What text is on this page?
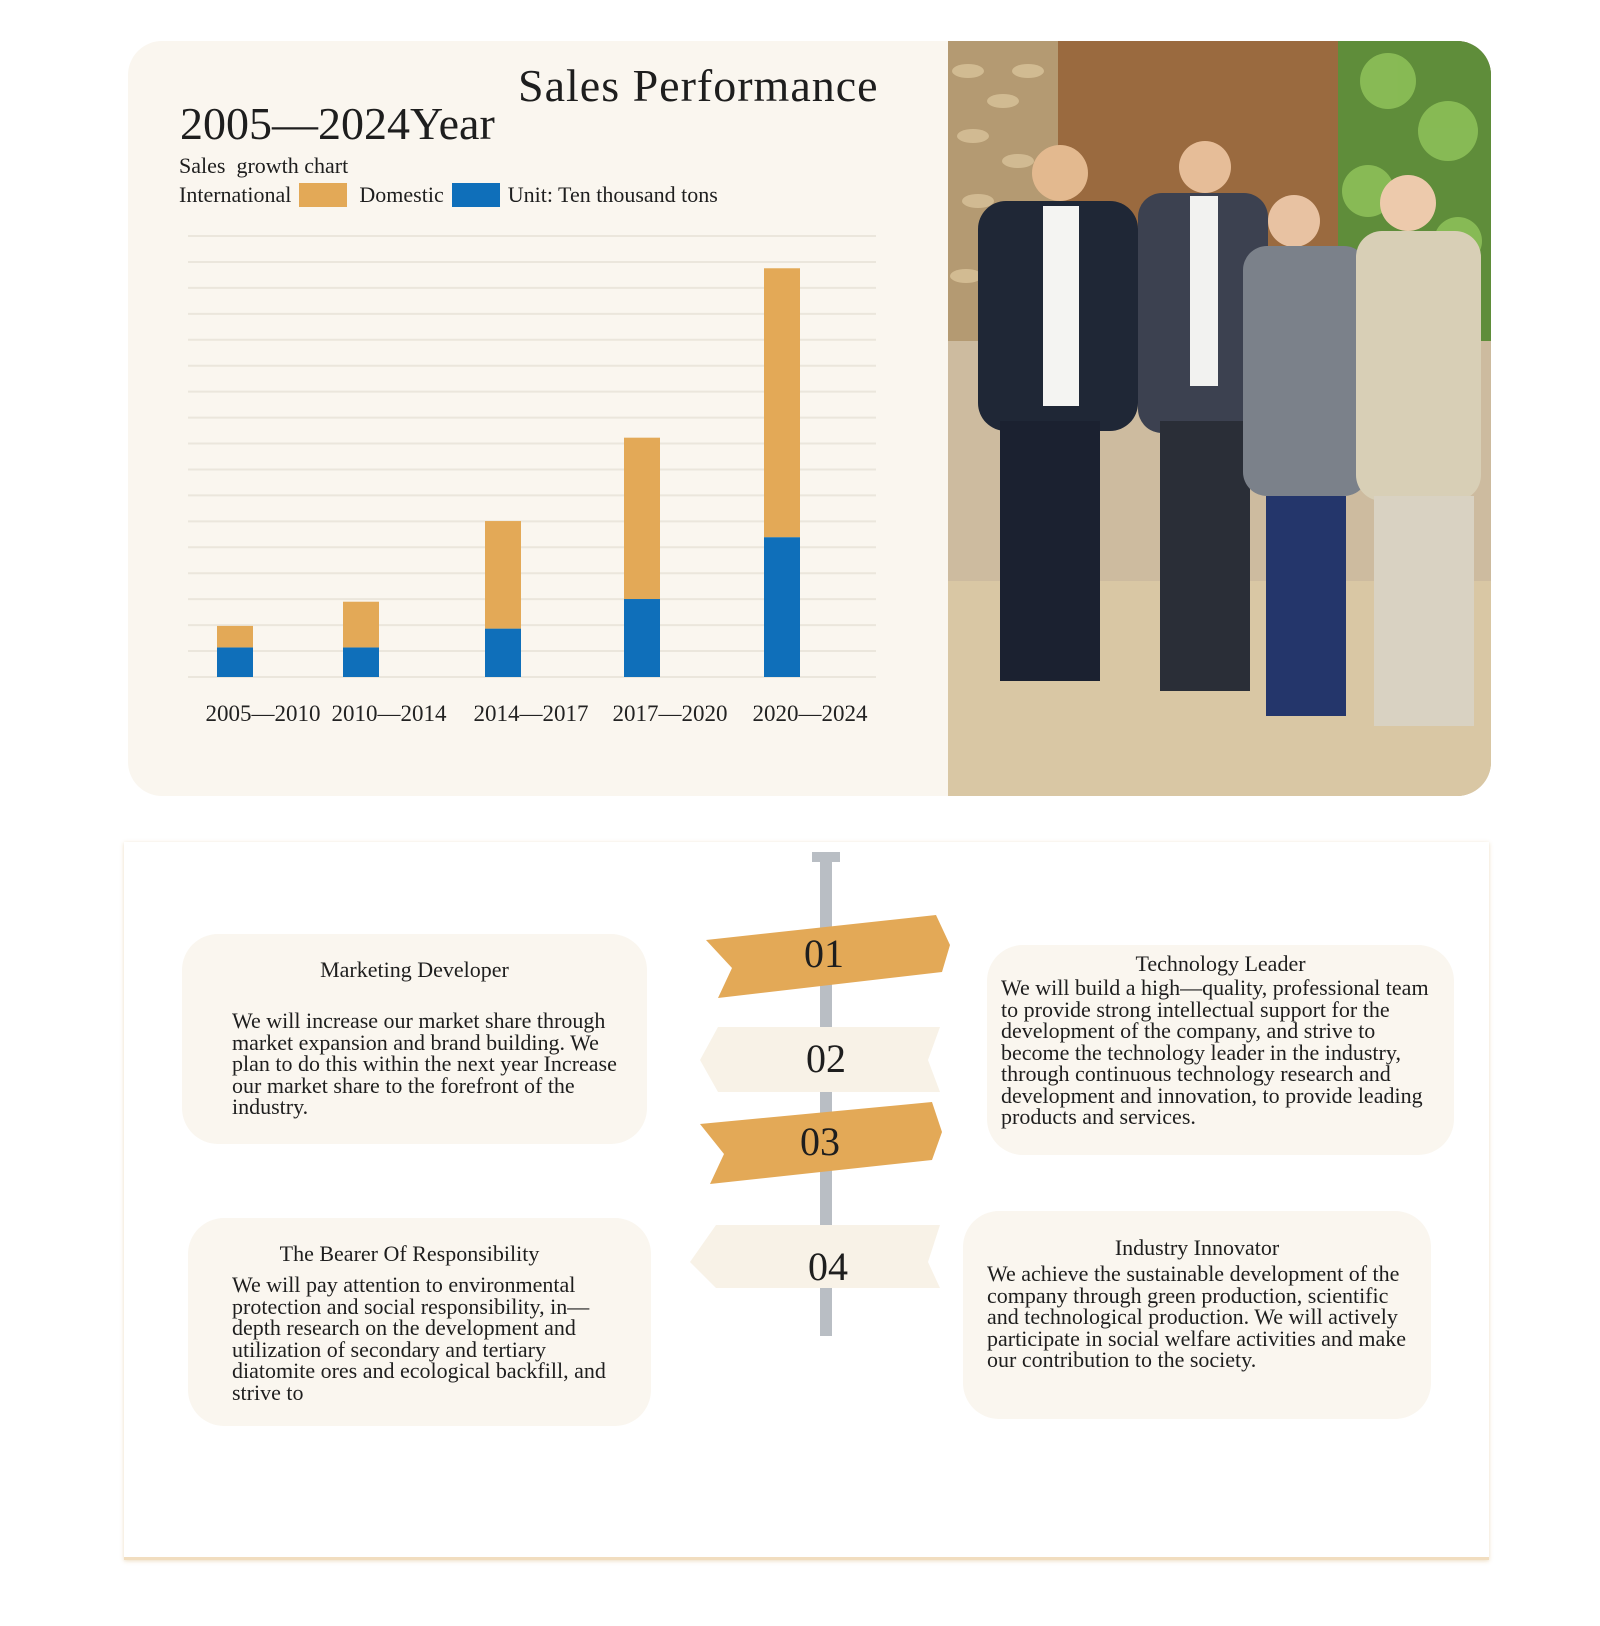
Sales Performance
2005—2024Year
Sales  growth chart
International	Domestic	Unit: Ten thousand tons
2005—2010 2010—2014 2014—2017 2017—2020 2020—2024
01
02
03
04
Marketing Developer

We will increase our market share through market expansion and brand building. We plan to do this within the next year Increase our market share to the forefront of the industry.

Technology Leader

We will build a high—quality, professional team to provide strong intellectual support for the development of the company, and strive to become the technology leader in the industry, through continuous technology research and development and innovation, to provide leading products and services.

The Bearer Of Responsibility

We will pay attention to environmental protection and social responsibility, in—depth research on the development and utilization of secondary and tertiary diatomite ores and ecological backfill, and strive to

Industry Innovator

We achieve the sustainable development of the company through green production, scientific and technological production. We will actively participate in social welfare activities and make our contribution to the society.
